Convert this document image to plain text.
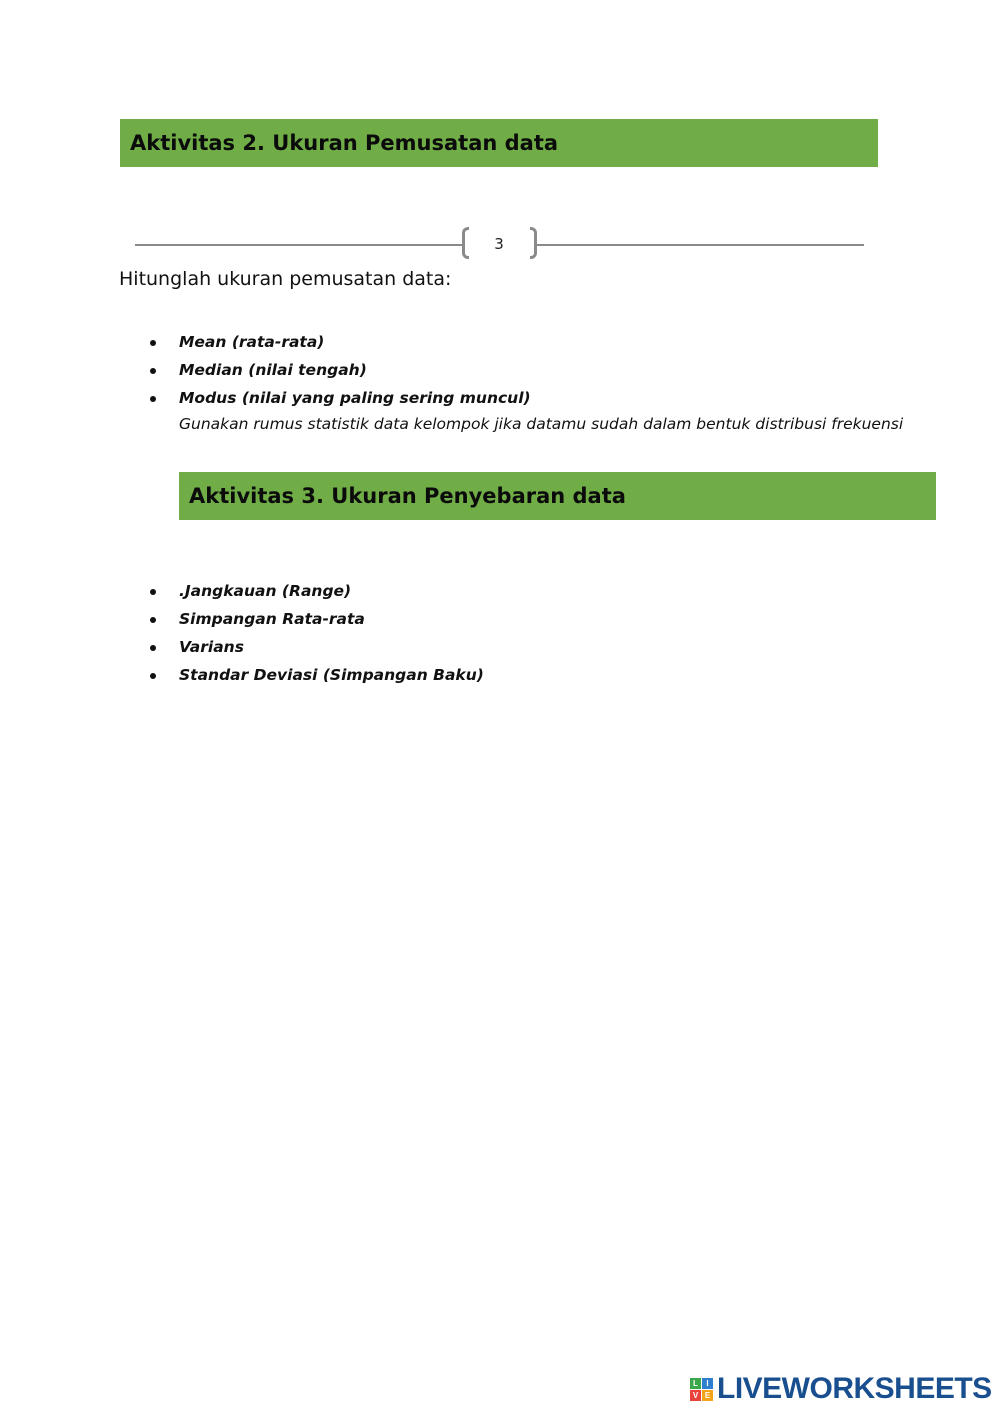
Aktivitas 2. Ukuran Pemusatan data
3
Hitunglah ukuran pemusatan data:
Mean (rata-rata)
Median (nilai tengah)
Modus (nilai yang paling sering muncul)
Gunakan rumus statistik data kelompok jika datamu sudah dalam bentuk distribusi frekuensi
Aktivitas 3. Ukuran Penyebaran data
.Jangkauan (Range)
Simpangan Rata-rata
Varians
Standar Deviasi (Simpangan Baku)
L	I
V E LIVEWORKSHEETS
